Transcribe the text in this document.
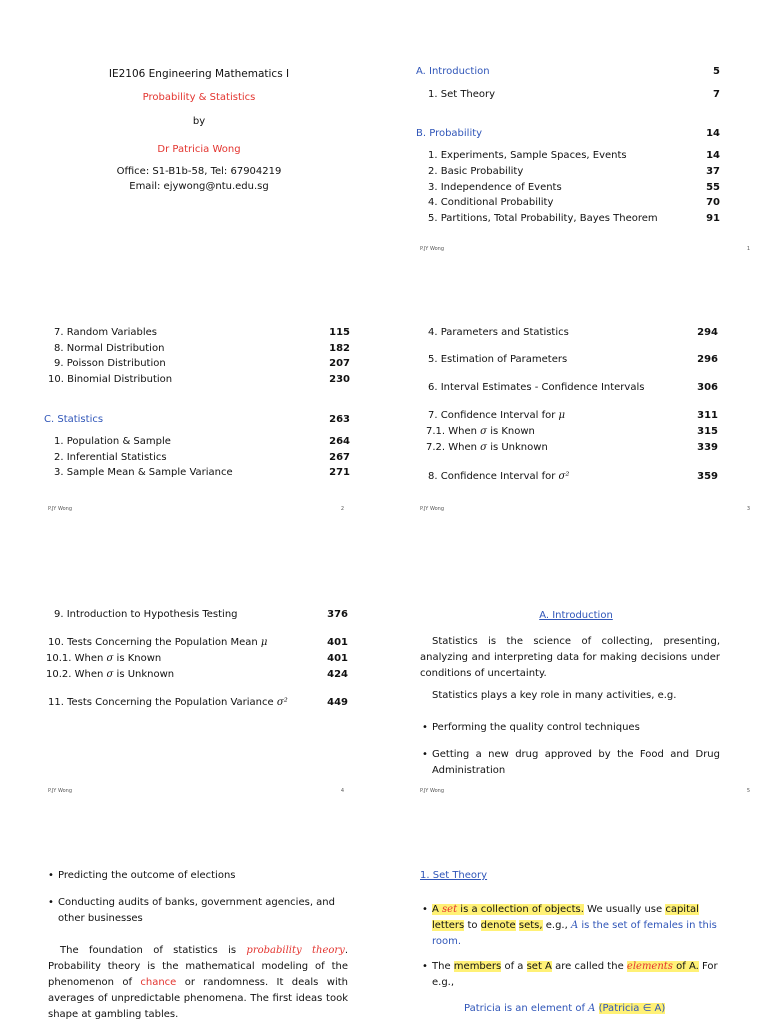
IE2106 Engineering Mathematics I
Probability & Statistics
by
Dr Patricia Wong
Office: S1-B1b-58, Tel: 67904219
Email: ejywong@ntu.edu.sg
A. Introduction	5
1. Set Theory	7
B. Probability	14
1. Experiments, Sample Spaces, Events	14
2. Basic Probability	37
3. Independence of Events	55
4. Conditional Probability	70
5. Partitions, Total Probability, Bayes Theorem	91
P.JY Wong	1
7. Random Variables	115
8. Normal Distribution	182
9. Poisson Distribution	207
10. Binomial Distribution	230
C. Statistics	263
1. Population & Sample	264
2. Inferential Statistics	267
3. Sample Mean & Sample Variance	271
P.JY Wong	2
4. Parameters and Statistics	294
5. Estimation of Parameters	296
6. Interval Estimates - Confidence Intervals	306
7. Confidence Interval for μ	311
7.1. When σ is Known	315
7.2. When σ is Unknown	339
8. Confidence Interval for σ²	359
P.JY Wong	3
9. Introduction to Hypothesis Testing	376
10. Tests Concerning the Population Mean μ	401
10.1. When σ is Known	401
10.2. When σ is Unknown	424
11. Tests Concerning the Population Variance σ²	449
P.JY Wong	4
A. Introduction
Statistics is the science of collecting, presenting, analyzing and interpreting data for making decisions under conditions of uncertainty.
Statistics plays a key role in many activities, e.g.
• Performing the quality control techniques
• Getting a new drug approved by the Food and Drug Administration
P.JY Wong	5
• Predicting the outcome of elections
• Conducting audits of banks, government agencies, and other businesses
The foundation of statistics is probability theory. Probability theory is the mathematical modeling of the phenomenon of chance or randomness. It deals with averages of unpredictable phenomena. The first ideas took shape at gambling tables.
1. Set Theory
• A set is a collection of objects. We usually use capital letters to denote sets, e.g., A is the set of females in this room.
• The members of a set A are called the elements of A. For e.g.,
Patricia is an element of A (Patricia ∈ A)
